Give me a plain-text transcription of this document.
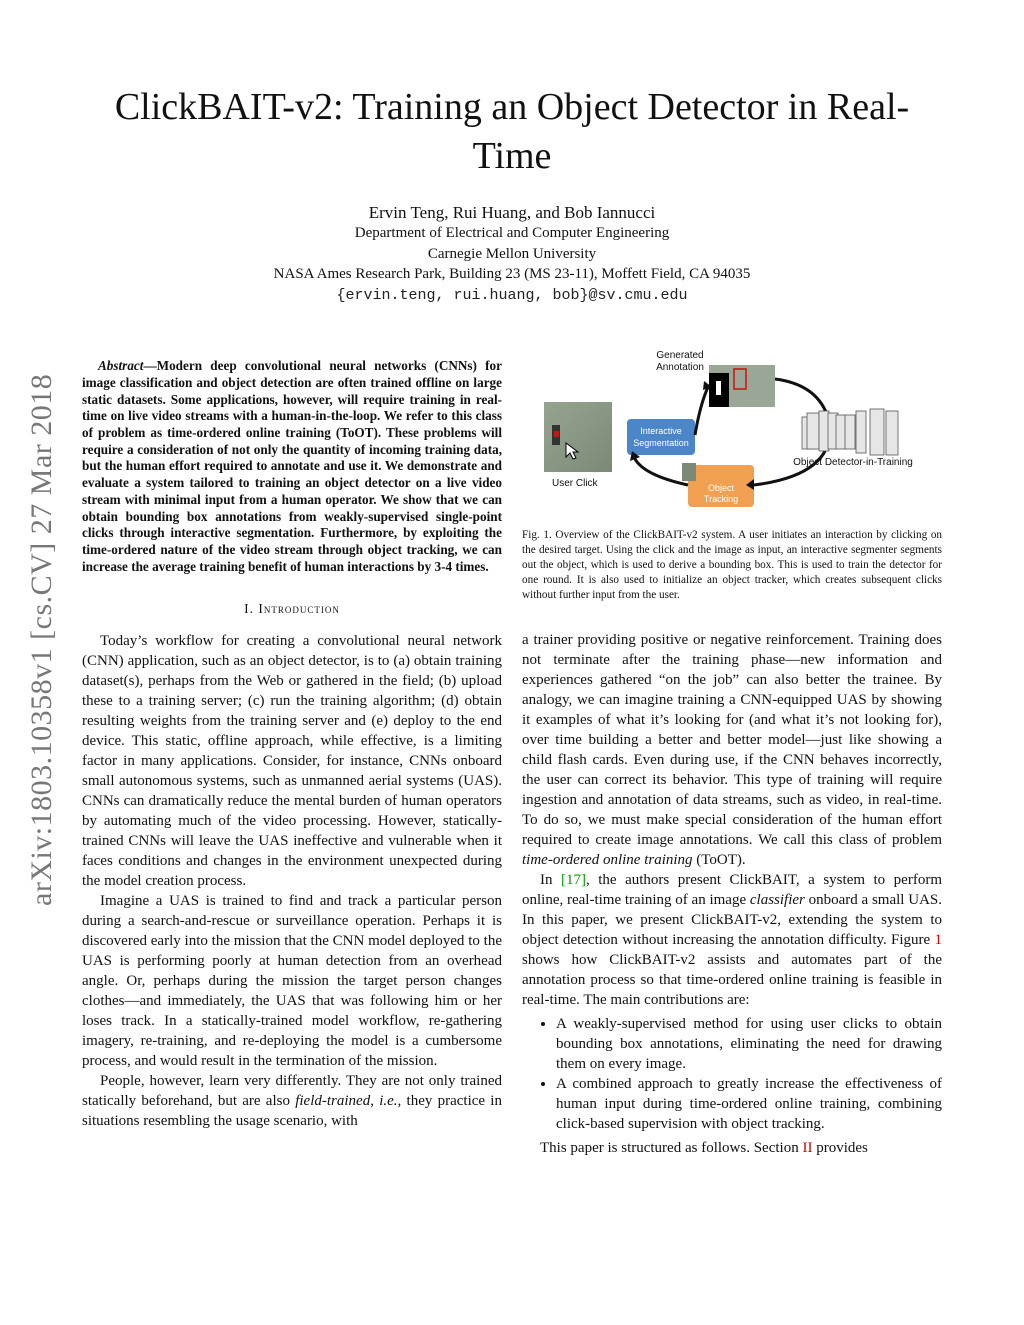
arXiv:1803.10358v1 [cs.CV] 27 Mar 2018
ClickBAIT-v2: Training an Object Detector in Real-Time
Ervin Teng, Rui Huang, and Bob Iannucci
Department of Electrical and Computer Engineering
Carnegie Mellon University
NASA Ames Research Park, Building 23 (MS 23-11), Moffett Field, CA 94035
{ervin.teng, rui.huang, bob}@sv.cmu.edu

Abstract—Modern deep convolutional neural networks (CNNs) for image classification and object detection are often trained offline on large static datasets. Some applications, however, will require training in real-time on live video streams with a human-in-the-loop. We refer to this class of problem as time-ordered online training (ToOT). These problems will require a consideration of not only the quantity of incoming training data, but the human effort required to annotate and use it. We demonstrate and evaluate a system tailored to training an object detector on a live video stream with minimal input from a human operator. We show that we can obtain bounding box annotations from weakly-supervised single-point clicks through interactive segmentation. Furthermore, by exploiting the time-ordered nature of the video stream through object tracking, we can increase the average training benefit of human interactions by 3-4 times.

I. Introduction

Today’s workflow for creating a convolutional neural network (CNN) application, such as an object detector, is to (a) obtain training dataset(s), perhaps from the Web or gathered in the field; (b) upload these to a training server; (c) run the training algorithm; (d) obtain resulting weights from the training server and (e) deploy to the end device. This static, offline approach, while effective, is a limiting factor in many applications. Consider, for instance, CNNs onboard small autonomous systems, such as unmanned aerial systems (UAS). CNNs can dramatically reduce the mental burden of human operators by automating much of the video processing. However, statically-trained CNNs will leave the UAS ineffective and vulnerable when it faces conditions and changes in the environment unexpected during the model creation process.

Imagine a UAS is trained to find and track a particular person during a search-and-rescue or surveillance operation. Perhaps it is discovered early into the mission that the CNN model deployed to the UAS is performing poorly at human detection from an overhead angle. Or, perhaps during the mission the target person changes clothes—and immediately, the UAS that was following him or her loses track. In a statically-trained model workflow, re-gathering imagery, re-training, and re-deploying the model is a cumbersome process, and would result in the termination of the mission.

People, however, learn very differently. They are not only trained statically beforehand, but are also field-trained, i.e., they practice in situations resembling the usage scenario, with

User Click
Interactive
Segmentation
Generated
Annotation
Object
Tracking
Object Detector-in-Training
Fig. 1. Overview of the ClickBAIT-v2 system. A user initiates an interaction by clicking on the desired target. Using the click and the image as input, an interactive segmenter segments out the object, which is used to derive a bounding box. This is used to train the detector for one round. It is also used to initialize an object tracker, which creates subsequent clicks without further input from the user.

a trainer providing positive or negative reinforcement. Training does not terminate after the training phase—new information and experiences gathered “on the job” can also better the trainee. By analogy, we can imagine training a CNN-equipped UAS by showing it examples of what it’s looking for (and what it’s not looking for), over time building a better and better model—just like showing a child flash cards. Even during use, if the CNN behaves incorrectly, the user can correct its behavior. This type of training will require ingestion and annotation of data streams, such as video, in real-time. To do so, we must make special consideration of the human effort required to create image annotations. We call this class of problem time-ordered online training (ToOT).

In [17], the authors present ClickBAIT, a system to perform online, real-time training of an image classifier onboard a small UAS. In this paper, we present ClickBAIT-v2, extending the system to object detection without increasing the annotation difficulty. Figure 1 shows how ClickBAIT-v2 assists and automates part of the annotation process so that time-ordered online training is feasible in real-time. The main contributions are:

• A weakly-supervised method for using user clicks to obtain bounding box annotations, eliminating the need for drawing them on every image.
• A combined approach to greatly increase the effectiveness of human input during time-ordered online training, combining click-based supervision with object tracking.

This paper is structured as follows. Section II provides
